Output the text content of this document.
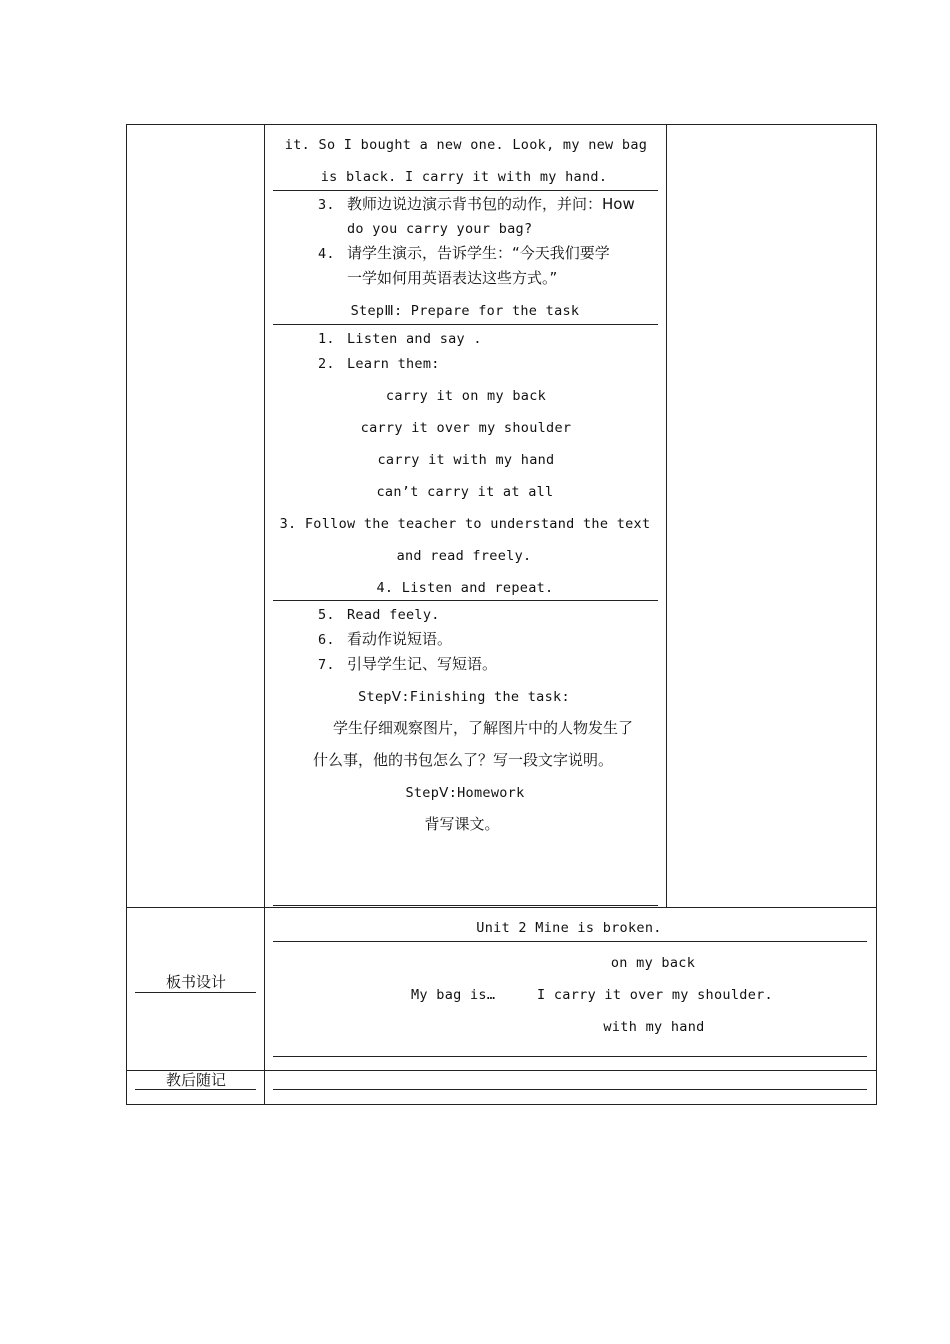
it. So I bought a new one. Look, my new bag
is black. I carry it with my hand.
3. 教师边说边演示背书包的动作，并问：How
do you carry your bag?
4. 请学生演示，告诉学生：“今天我们要学
一学如何用英语表达这些方式。”
StepⅢ: Prepare for the task
1. Listen and say .
2. Learn them:
carry it on my back
carry it over my shoulder
carry it with my hand
can’t carry it at all
3. Follow the teacher to understand the text
and read freely.
4. Listen and repeat.
5. Read feely.
6. 看动作说短语。
7. 引导学生记、写短语。
StepⅤ:Finishing the task:
学生仔细观察图片，了解图片中的人物发生了
什么事，他的书包怎么了？写一段文字说明。
StepⅤ:Homework
背写课文。
板书设计
Unit 2 Mine is broken.
on my back
My bag is…	I carry it over my shoulder.
with my hand
教后随记
